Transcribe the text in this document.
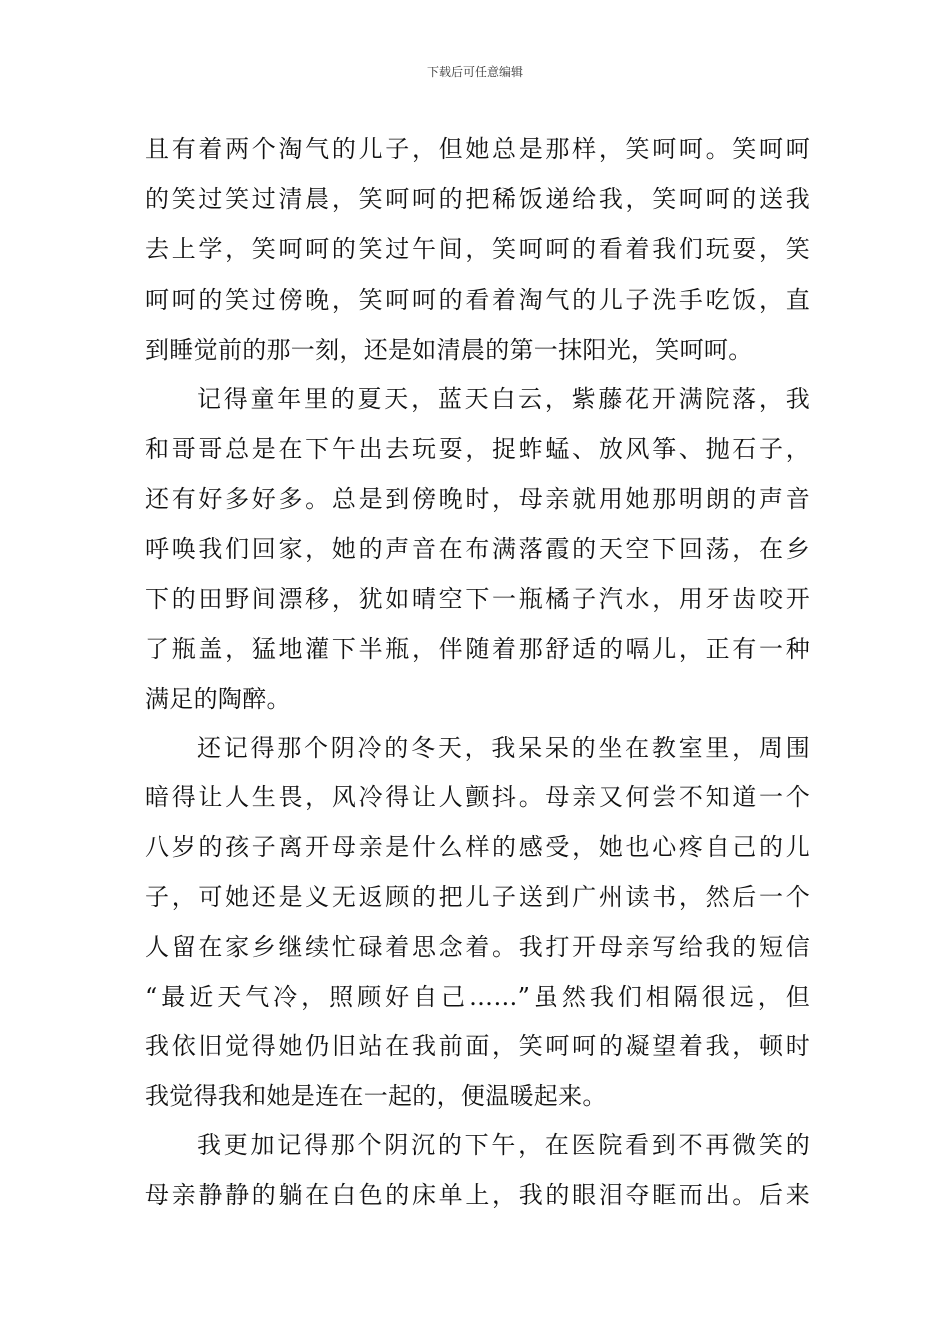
下载后可任意编辑
且有着两个淘气的儿子，但她总是那样，笑呵呵。笑呵呵
的笑过笑过清晨，笑呵呵的把稀饭递给我，笑呵呵的送我
去上学，笑呵呵的笑过午间，笑呵呵的看着我们玩耍，笑
呵呵的笑过傍晚，笑呵呵的看着淘气的儿子洗手吃饭，直
到睡觉前的那一刻，还是如清晨的第一抹阳光，笑呵呵。
记得童年里的夏天，蓝天白云，紫藤花开满院落，我
和哥哥总是在下午出去玩耍，捉蚱蜢、放风筝、抛石子，
还有好多好多。总是到傍晚时，母亲就用她那明朗的声音
呼唤我们回家，她的声音在布满落霞的天空下回荡，在乡
下的田野间漂移，犹如晴空下一瓶橘子汽水，用牙齿咬开
了瓶盖，猛地灌下半瓶，伴随着那舒适的嗝儿，正有一种
满足的陶醉。
还记得那个阴冷的冬天，我呆呆的坐在教室里，周围
暗得让人生畏，风冷得让人颤抖。母亲又何尝不知道一个
八岁的孩子离开母亲是什么样的感受，她也心疼自己的儿
子，可她还是义无返顾的把儿子送到广州读书，然后一个
人留在家乡继续忙碌着思念着。我打开母亲写给我的短信
“最近天气冷，照顾好自己……”虽然我们相隔很远，但
我依旧觉得她仍旧站在我前面，笑呵呵的凝望着我，顿时
我觉得我和她是连在一起的，便温暖起来。
我更加记得那个阴沉的下午，在医院看到不再微笑的
母亲静静的躺在白色的床单上，我的眼泪夺眶而出。后来
